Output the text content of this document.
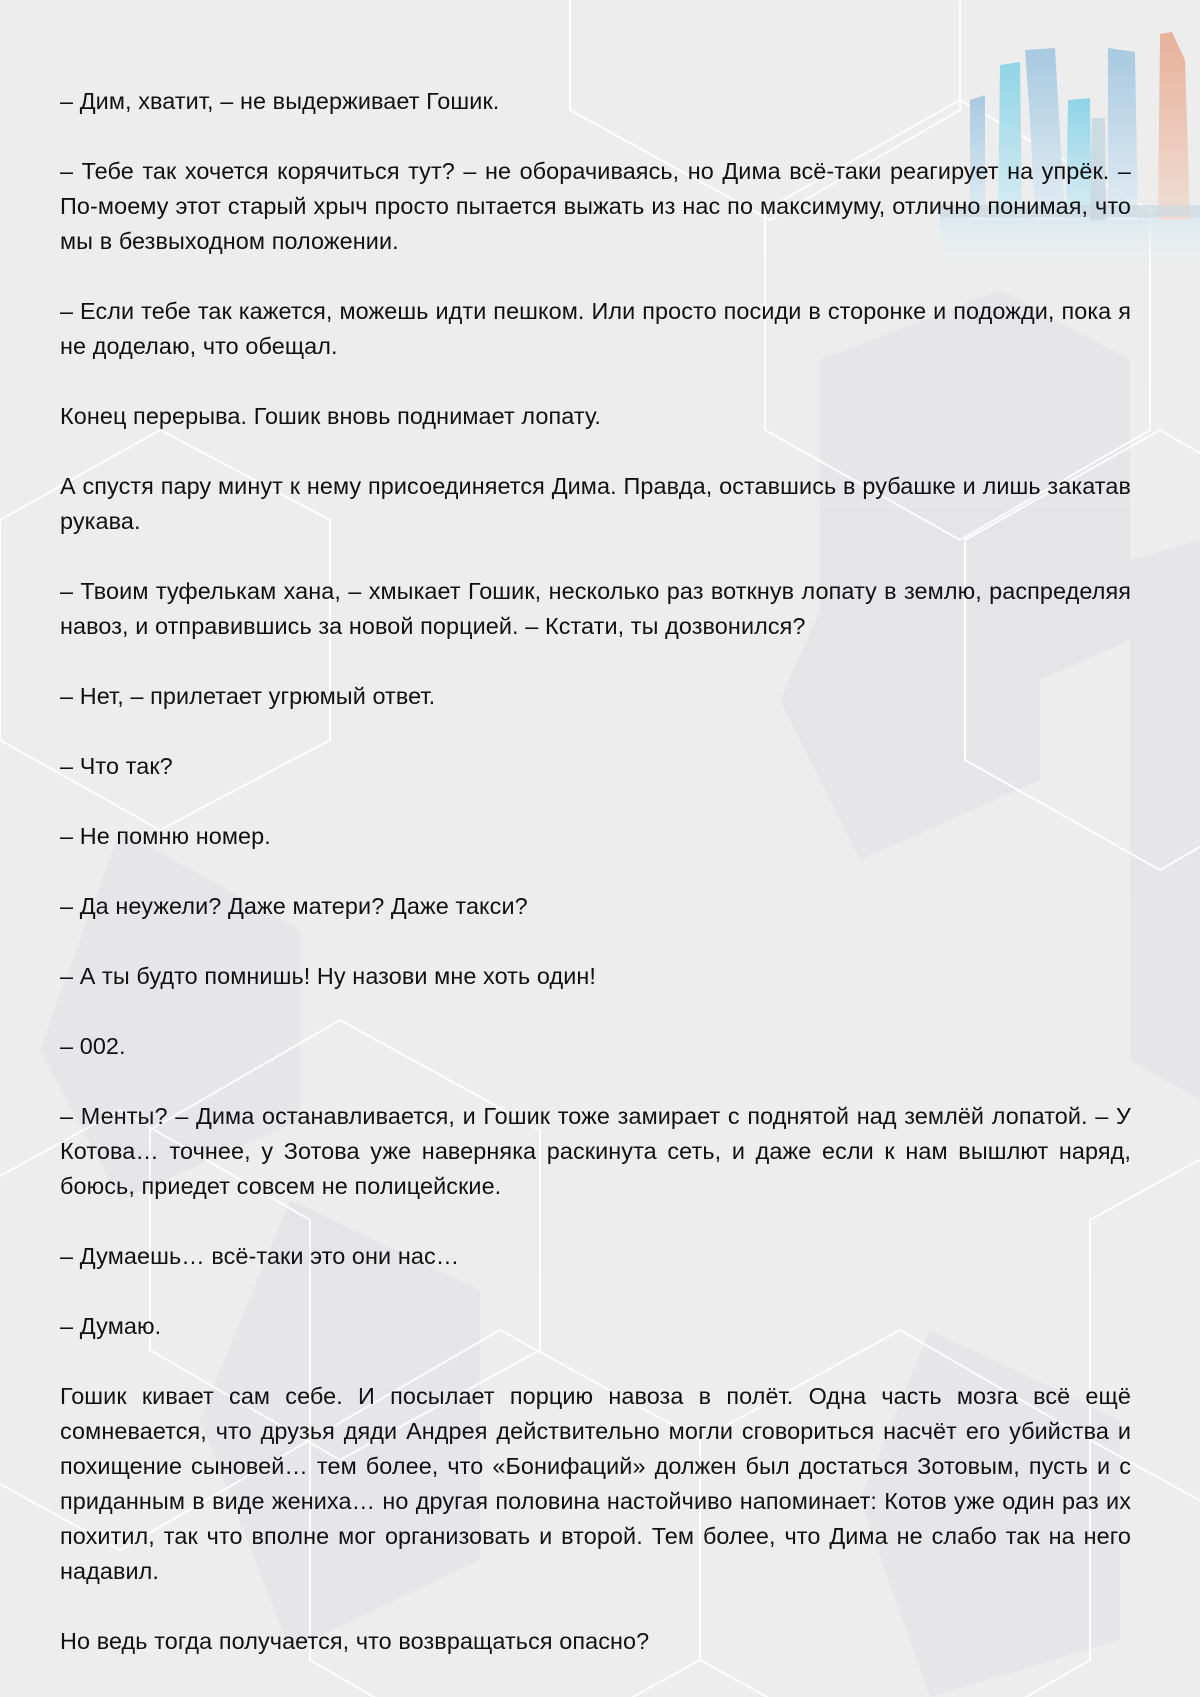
– Дим, хватит, – не выдерживает Гошик.

– Тебе так хочется корячиться тут? – не оборачиваясь, но Дима всё-таки реагирует на упрёк. – По-моему этот старый хрыч просто пытается выжать из нас по максимуму, отлично понимая, что мы в безвыходном положении.

– Если тебе так кажется, можешь идти пешком. Или просто посиди в сторонке и подожди, пока я не доделаю, что обещал.

Конец перерыва. Гошик вновь поднимает лопату.

А спустя пару минут к нему присоединяется Дима. Правда, оставшись в рубашке и лишь закатав рукава.

– Твоим туфелькам хана, – хмыкает Гошик, несколько раз воткнув лопату в землю, распределяя навоз, и отправившись за новой порцией. – Кстати, ты дозвонился?

– Нет, – прилетает угрюмый ответ.

– Что так?

– Не помню номер.

– Да неужели? Даже матери? Даже такси?

– А ты будто помнишь! Ну назови мне хоть один!

– 002.

– Менты? – Дима останавливается, и Гошик тоже замирает с поднятой над землёй лопатой. – У Котова… точнее, у Зотова уже наверняка раскинута сеть, и даже если к нам вышлют наряд, боюсь, приедет совсем не полицейские.

– Думаешь… всё-таки это они нас…

– Думаю.

Гошик кивает сам себе. И посылает порцию навоза в полёт. Одна часть мозга всё ещё сомневается, что друзья дяди Андрея действительно могли сговориться насчёт его убийства и похищение сыновей… тем более, что «Бонифаций» должен был достаться Зотовым, пусть и с приданным в виде жениха… но другая половина настойчиво напоминает: Котов уже один раз их похитил, так что вполне мог организовать и второй. Тем более, что Дима не слабо так на него надавил.

Но ведь тогда получается, что возвращаться опасно?
